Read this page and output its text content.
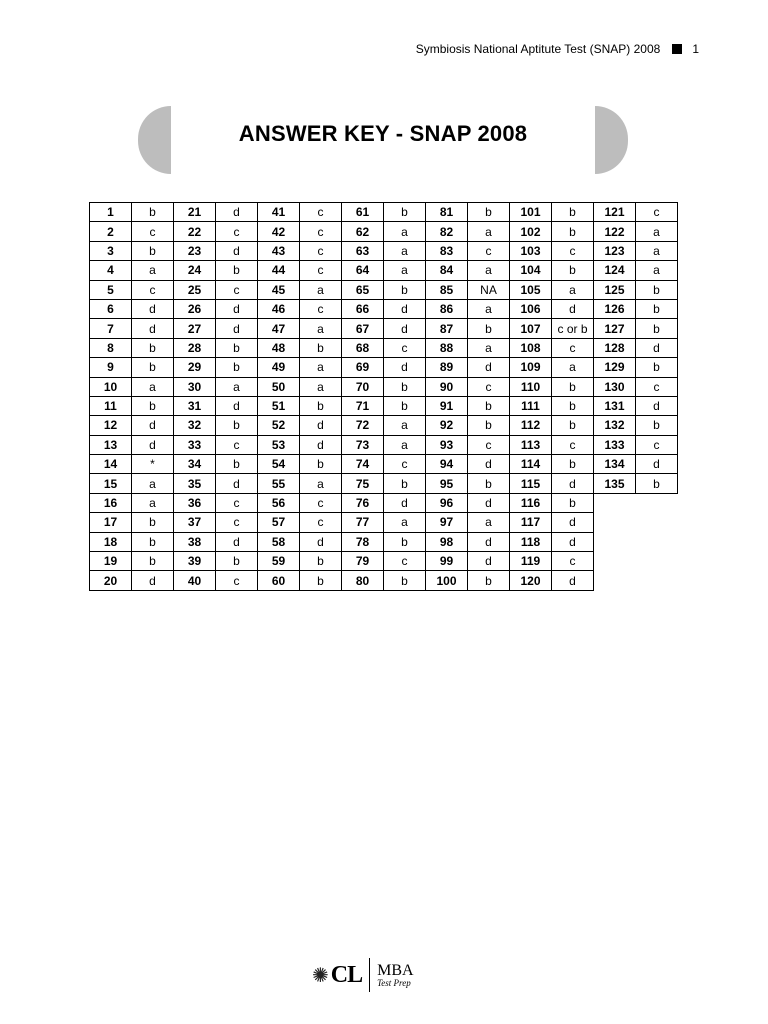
Symbiosis National Aptitute Test (SNAP) 2008	1
ANSWER KEY - SNAP 2008
1	b	21	d	41	c	61	b	81	b	101	b	121	c
2	c	22	c	42	c	62	a	82	a	102	b	122	a
3	b	23	d	43	c	63	a	83	c	103	c	123	a
4	a	24	b	44	c	64	a	84	a	104	b	124	a
5	c	25	c	45	a	65	b	85	NA	105	a	125	b
6	d	26	d	46	c	66	d	86	a	106	d	126	b
7	d	27	d	47	a	67	d	87	b	107	c or b	127	b
8	b	28	b	48	b	68	c	88	a	108	c	128	d
9	b	29	b	49	a	69	d	89	d	109	a	129	b
10	a	30	a	50	a	70	b	90	c	110	b	130	c
11	b	31	d	51	b	71	b	91	b	111	b	131	d
12	d	32	b	52	d	72	a	92	b	112	b	132	b
13	d	33	c	53	d	73	a	93	c	113	c	133	c
14	*	34	b	54	b	74	c	94	d	114	b	134	d
15	a	35	d	55	a	75	b	95	b	115	d	135	b
16	a	36	c	56	c	76	d	96	d	116	b		
17	b	37	c	57	c	77	a	97	a	117	d		
18	b	38	d	58	d	78	b	98	d	118	d		
19	b	39	b	59	b	79	c	99	d	119	c		
20	d	40	c	60	b	80	b	100	b	120	d		
✺ CL MBA
Test Prep
